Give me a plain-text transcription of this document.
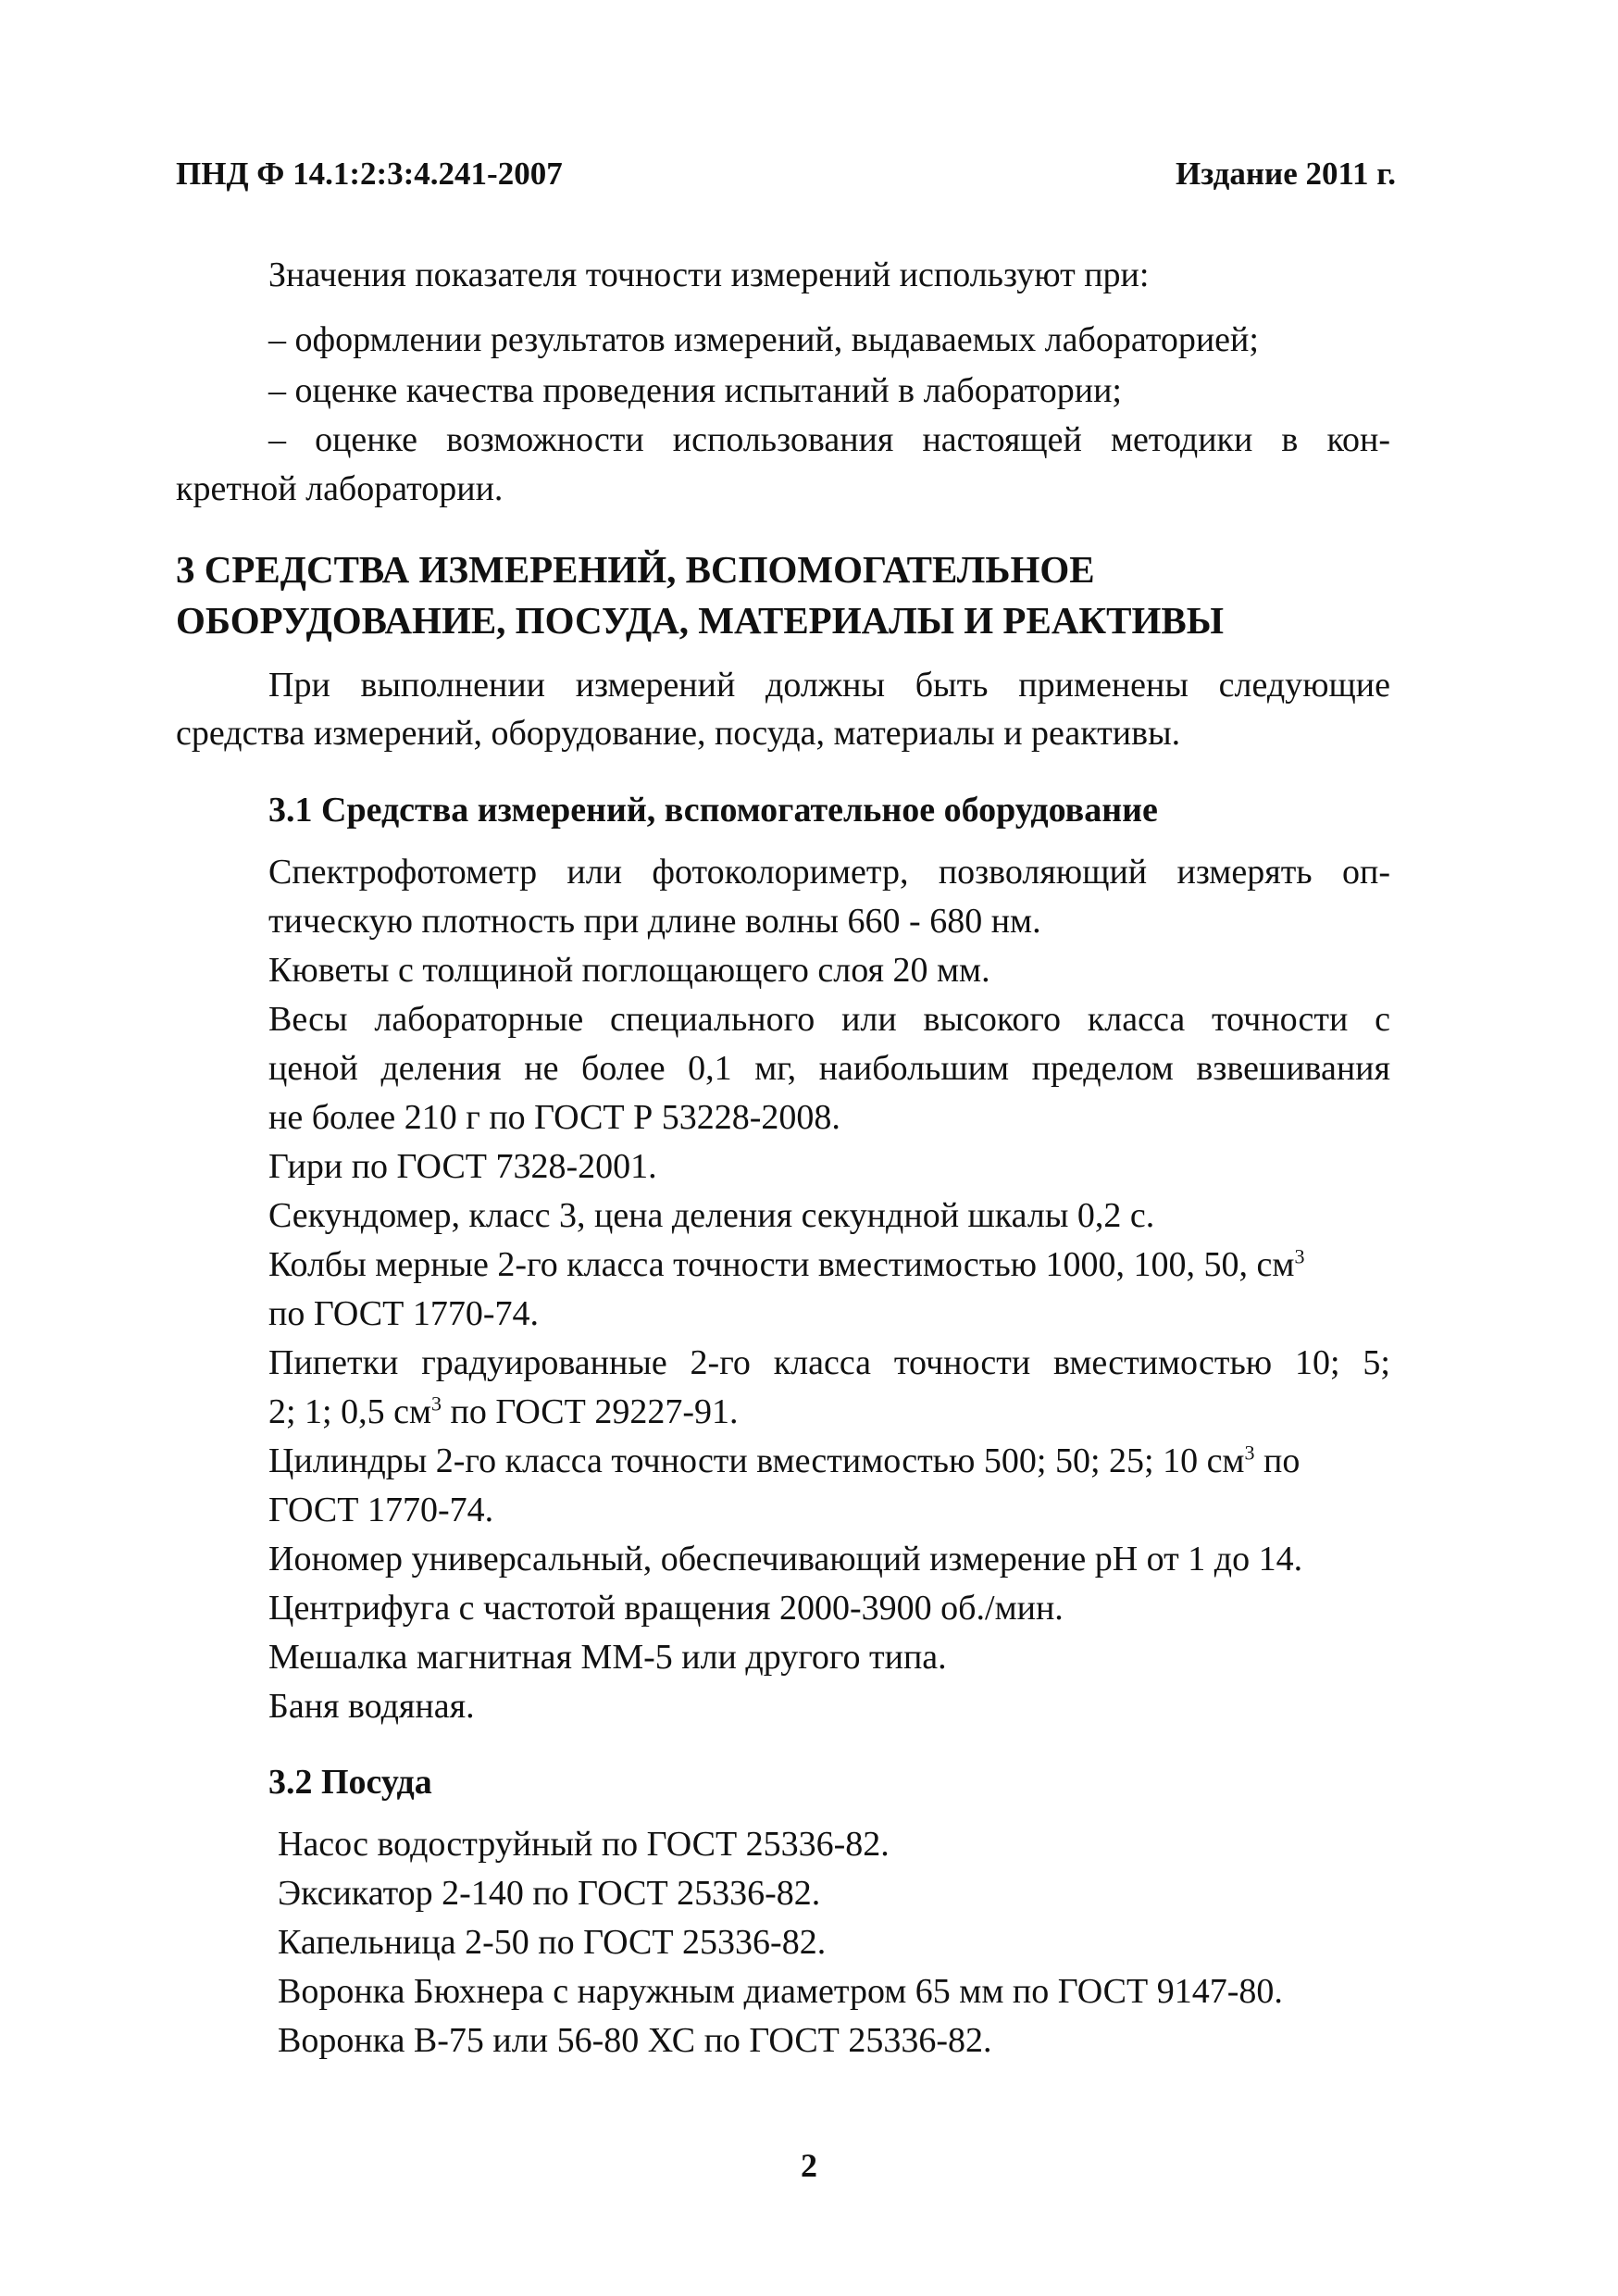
ПНД Ф 14.1:2:3:4.241-2007	Издание 2011 г.
Значения показателя точности измерений используют при:
– оформлении результатов измерений, выдаваемых лабораторией;
– оценке качества проведения испытаний в лаборатории;
– оценке возможности использования настоящей методики в кон-
кретной лаборатории.
3 СРЕДСТВА ИЗМЕРЕНИЙ, ВСПОМОГАТЕЛЬНОЕ
ОБОРУДОВАНИЕ, ПОСУДА, МАТЕРИАЛЫ И РЕАКТИВЫ
При выполнении измерений должны быть применены следующие
средства измерений, оборудование, посуда, материалы и реактивы.
3.1 Средства измерений, вспомогательное оборудование
Спектрофотометр или фотоколориметр, позволяющий измерять оп-
тическую плотность при длине волны 660 - 680 нм.
Кюветы с толщиной поглощающего слоя 20 мм.
Весы лабораторные специального или высокого класса точности с
ценой деления не более 0,1 мг, наибольшим пределом взвешивания
не более 210 г по ГОСТ Р 53228-2008.
Гири по ГОСТ 7328-2001.
Секундомер, класс 3, цена деления секундной шкалы 0,2 с.
Колбы мерные 2-го класса точности вместимостью 1000, 100, 50, $см^3$
по ГОСТ 1770-74.
Пипетки градуированные 2-го класса точности вместимостью 10; 5;
2; 1; 0,5 $см^3$ по ГОСТ 29227-91.
Цилиндры 2-го класса точности вместимостью 500; 50; 25; 10 $см^3$ по
ГОСТ 1770-74.
Иономер универсальный, обеспечивающий измерение pH от 1 до 14.
Центрифуга с частотой вращения 2000-3900 об./мин.
Мешалка магнитная ММ-5 или другого типа.
Баня водяная.
3.2 Посуда
Насос водоструйный по ГОСТ 25336-82.
Эксикатор 2-140 по ГОСТ 25336-82.
Капельница 2-50 по ГОСТ 25336-82.
Воронка Бюхнера с наружным диаметром 65 мм по ГОСТ 9147-80.
Воронка В-75 или 56-80 ХС по ГОСТ 25336-82.
2
